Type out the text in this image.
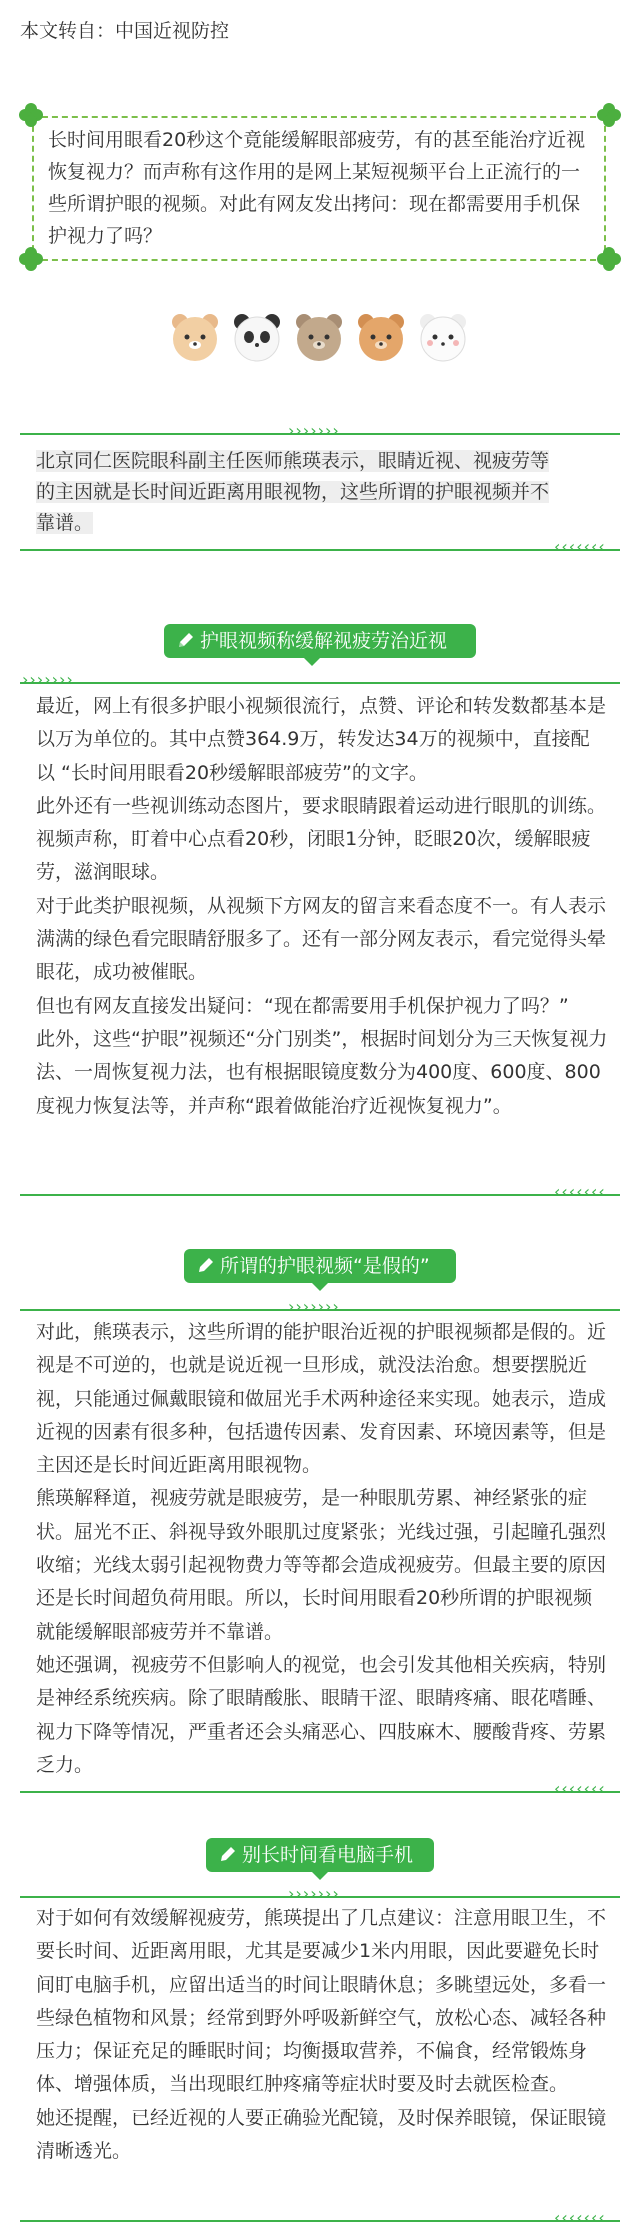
本文转自：中国近视防控
长时间用眼看20秒这个竟能缓解眼部疲劳，有的甚至能治疗近视恢复视力？而声称有这作用的是网上某短视频平台上正流行的一些所谓护眼的视频。对此有网友发出拷问：现在都需要用手机保护视力了吗？
›››››››
北京同仁医院眼科副主任医师熊瑛表示，眼睛近视、视疲劳等
的主因就是长时间近距离用眼视物，这些所谓的护眼视频并不
靠谱。
‹‹‹‹‹‹‹
护眼视频称缓解视疲劳治近视
›››››››

最近，网上有很多护眼小视频很流行，点赞、评论和转发数都基本是以万为单位的。其中点赞364.9万，转发达34万的视频中，直接配以 “长时间用眼看20秒缓解眼部疲劳”的文字。

此外还有一些视训练动态图片，要求眼睛跟着运动进行眼肌的训练。视频声称，盯着中心点看20秒，闭眼1分钟，眨眼20次，缓解眼疲劳，滋润眼球。

对于此类护眼视频，从视频下方网友的留言来看态度不一。有人表示满满的绿色看完眼睛舒服多了。还有一部分网友表示，看完觉得头晕眼花，成功被催眠。

但也有网友直接发出疑问：“现在都需要用手机保护视力了吗？”

此外，这些“护眼”视频还“分门别类”，根据时间划分为三天恢复视力法、一周恢复视力法，也有根据眼镜度数分为400度、600度、800度视力恢复法等，并声称“跟着做能治疗近视恢复视力”。

‹‹‹‹‹‹‹
所谓的护眼视频“是假的”
›››››››

对此，熊瑛表示，这些所谓的能护眼治近视的护眼视频都是假的。近视是不可逆的，也就是说近视一旦形成，就没法治愈。想要摆脱近视，只能通过佩戴眼镜和做屈光手术两种途径来实现。她表示，造成近视的因素有很多种，包括遗传因素、发育因素、环境因素等，但是主因还是长时间近距离用眼视物。

熊瑛解释道，视疲劳就是眼疲劳，是一种眼肌劳累、神经紧张的症状。屈光不正、斜视导致外眼肌过度紧张；光线过强，引起瞳孔强烈收缩；光线太弱引起视物费力等等都会造成视疲劳。但最主要的原因还是长时间超负荷用眼。所以，长时间用眼看20秒所谓的护眼视频就能缓解眼部疲劳并不靠谱。

她还强调，视疲劳不但影响人的视觉，也会引发其他相关疾病，特别是神经系统疾病。除了眼睛酸胀、眼睛干涩、眼睛疼痛、眼花嗜睡、视力下降等情况，严重者还会头痛恶心、四肢麻木、腰酸背疼、劳累乏力。

‹‹‹‹‹‹‹
别长时间看电脑手机
›››››››

对于如何有效缓解视疲劳，熊瑛提出了几点建议：注意用眼卫生，不要长时间、近距离用眼，尤其是要减少1米内用眼，因此要避免长时间盯电脑手机，应留出适当的时间让眼睛休息；多眺望远处，多看一些绿色植物和风景；经常到野外呼吸新鲜空气，放松心态、减轻各种压力；保证充足的睡眠时间；均衡摄取营养，不偏食，经常锻炼身体、增强体质，当出现眼红肿疼痛等症状时要及时去就医检查。

她还提醒，已经近视的人要正确验光配镜，及时保养眼镜，保证眼镜清晰透光。

‹‹‹‹‹‹‹
